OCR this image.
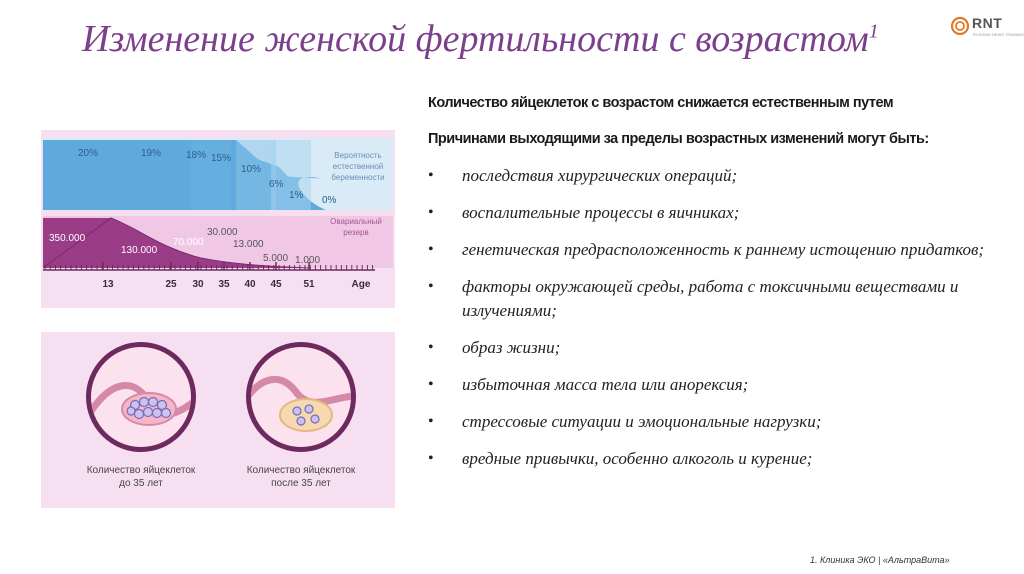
Изменение женской фертильности с возрастом$^1$	RNT
RUSSIAN NEWS TRAINING
20%	19% 18% 15%
10%
6%
1% 0%
Вероятность
естественной
беременности
350.000
130.000
70.000
30.000
13.000
5.000 1.000
Овариальный
резерв
13	25 30 35 40 45 51	Age
Количество яйцеклеток
до 35 лет
Количество яйцеклеток
после 35 лет
Количество яйцеклеток с возрастом снижается естественным путем
Причинами выходящими за пределы возрастных изменений могут быть:
• последствия хирургических операций;
• воспалительные процессы в яичниках;
• генетическая предрасположенность к раннему истощению придатков;
• факторы окружающей среды, работа с токсичными веществами и излучениями;
• образ жизни;
• избыточная масса тела или анорексия;
• стрессовые ситуации и эмоциональные нагрузки;
• вредные привычки, особенно алкоголь и курение;
1. Клиника ЭКО | «АльтраВита»
